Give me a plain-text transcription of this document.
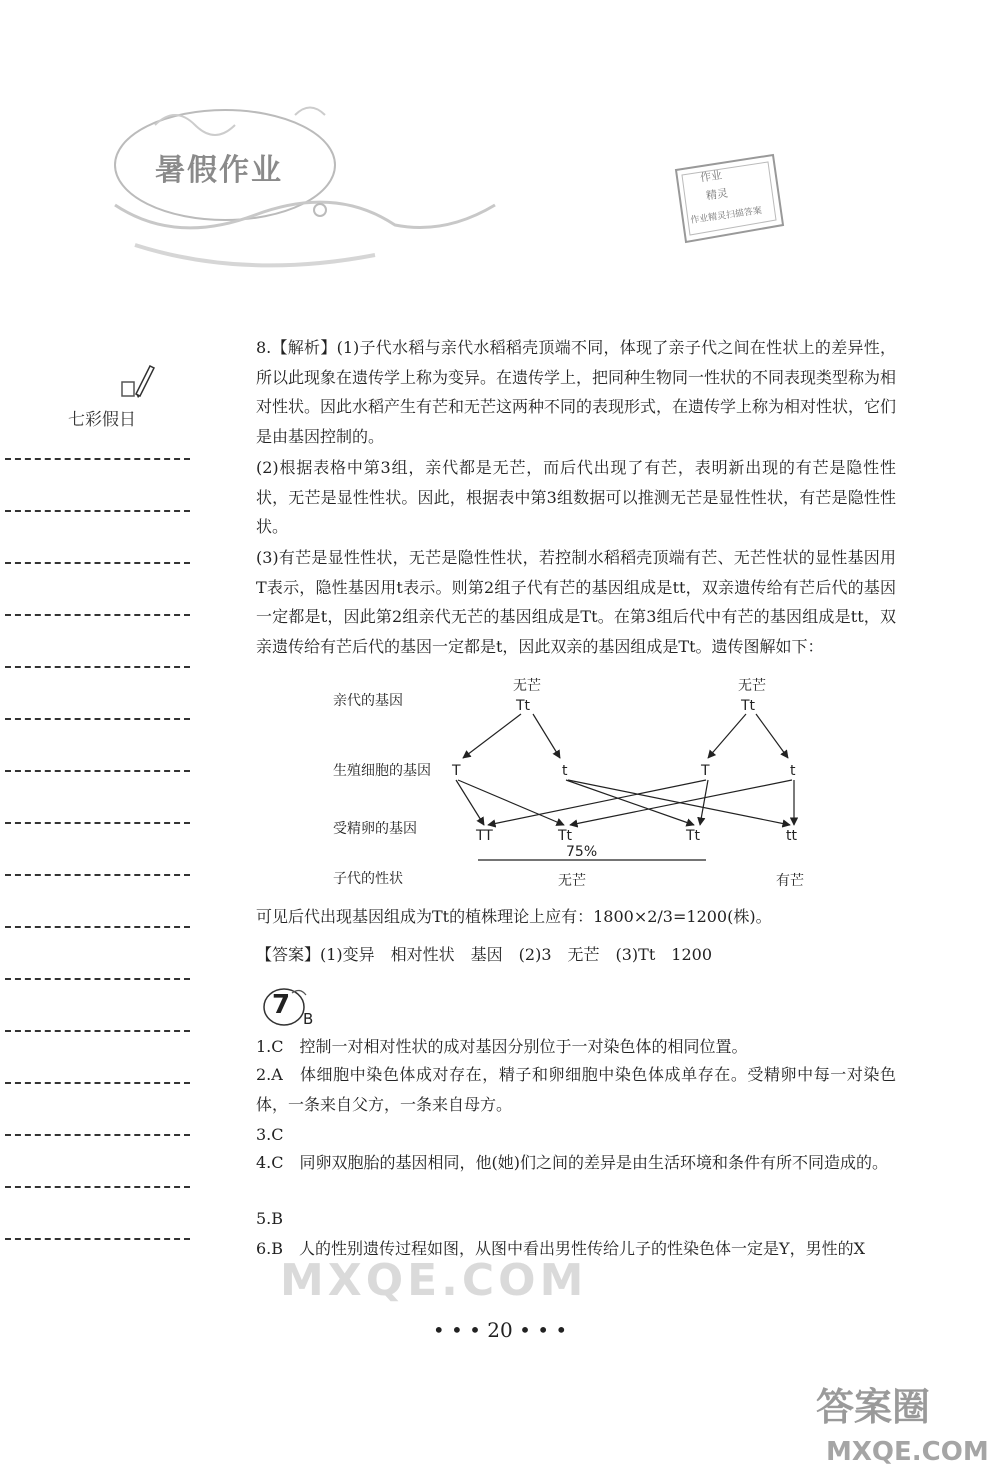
暑假作业	作业
精灵
作业精灵扫描答案
七彩假日
8.【解析】(1)子代水稻与亲代水稻稻壳顶端不同，体现了亲子代之间在性状上的差异性，所以此现象在遗传学上称为变异。在遗传学上，把同种生物同一性状的不同表现类型称为相对性状。因此水稻产生有芒和无芒这两种不同的表现形式，在遗传学上称为相对性状，它们是由基因控制的。
(2)根据表格中第3组，亲代都是无芒，而后代出现了有芒，表明新出现的有芒是隐性性状，无芒是显性性状。因此，根据表中第3组数据可以推测无芒是显性性状，有芒是隐性性状。
(3)有芒是显性性状，无芒是隐性性状，若控制水稻稻壳顶端有芒、无芒性状的显性基因用T表示，隐性基因用t表示。则第2组子代有芒的基因组成是tt，双亲遗传给有芒后代的基因一定都是t，因此第2组亲代无芒的基因组成是Tt。在第3组后代中有芒的基因组成是tt，双亲遗传给有芒后代的基因一定都是t，因此双亲的基因组成是Tt。遗传图解如下：
亲代的基因
生殖细胞的基因
受精卵的基因
子代的性状
无芒
Tt
无芒
Tt
T	t	T	t
TT	Tt	Tt	tt
75%
无芒	有芒
可见后代出现基因组成为Tt的植株理论上应有：1800×2/3=1200(株)。
【答案】(1)变异　相对性状　基因　(2)3　无芒　(3)Tt　1200
7 B
1.C　控制一对相对性状的成对基因分别位于一对染色体的相同位置。
2.A　体细胞中染色体成对存在，精子和卵细胞中染色体成单存在。受精卵中每一对染色体，一条来自父方，一条来自母方。
3.C
4.C　同卵双胞胎的基因相同，他(她)们之间的差异是由生活环境和条件有所不同造成的。
5.B
6.B　人的性别遗传过程如图，从图中看出男性传给儿子的性染色体一定是Y，男性的X
MXQE.COM
• • • 20 • • •
答案圈
MXQE.COM
